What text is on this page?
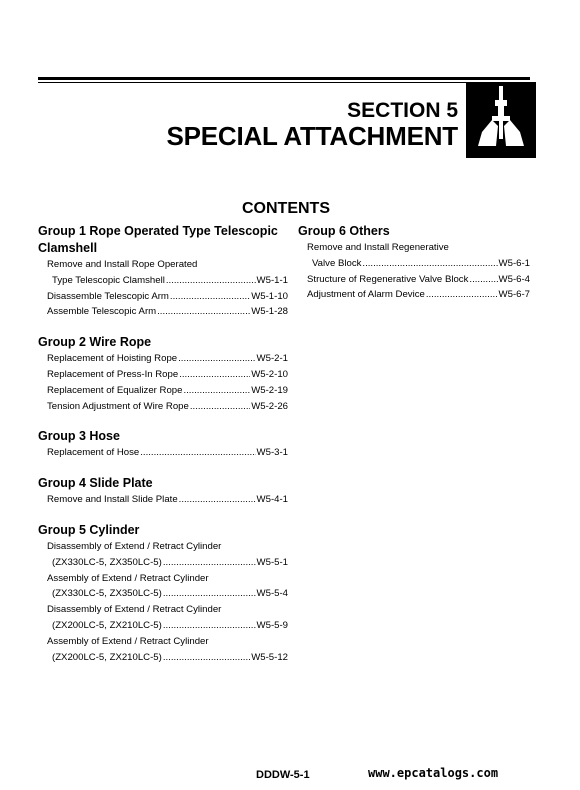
SECTION 5
SPECIAL ATTACHMENT
CONTENTS
Group 1 Rope Operated Type Telescopic
Clamshell
Remove and Install Rope Operated
Type Telescopic Clamshell .....	W5-1-1
Disassemble Telescopic Arm .....	W5-1-10
Assemble Telescopic Arm .....	W5-1-28
Group 2 Wire Rope
Replacement of Hoisting Rope .....	W5-2-1
Replacement of Press-In Rope .....	W5-2-10
Replacement of Equalizer Rope .....	W5-2-19
Tension Adjustment of Wire Rope .....	W5-2-26
Group 3 Hose
Replacement of Hose .....	W5-3-1
Group 4 Slide Plate
Remove and Install Slide Plate .....	W5-4-1
Group 5 Cylinder
Disassembly of Extend / Retract Cylinder
(ZX330LC-5, ZX350LC-5) .....	W5-5-1
Assembly of Extend / Retract Cylinder
(ZX330LC-5, ZX350LC-5) .....	W5-5-4
Disassembly of Extend / Retract Cylinder
(ZX200LC-5, ZX210LC-5) .....	W5-5-9
Assembly of Extend / Retract Cylinder
(ZX200LC-5, ZX210LC-5) .....	W5-5-12
Group 6 Others
Remove and Install Regenerative
Valve Block .....	W5-6-1
Structure of Regenerative Valve Block .....	W5-6-4
Adjustment of Alarm Device .....	W5-6-7
DDDW-5-1	www.epcatalogs.com
